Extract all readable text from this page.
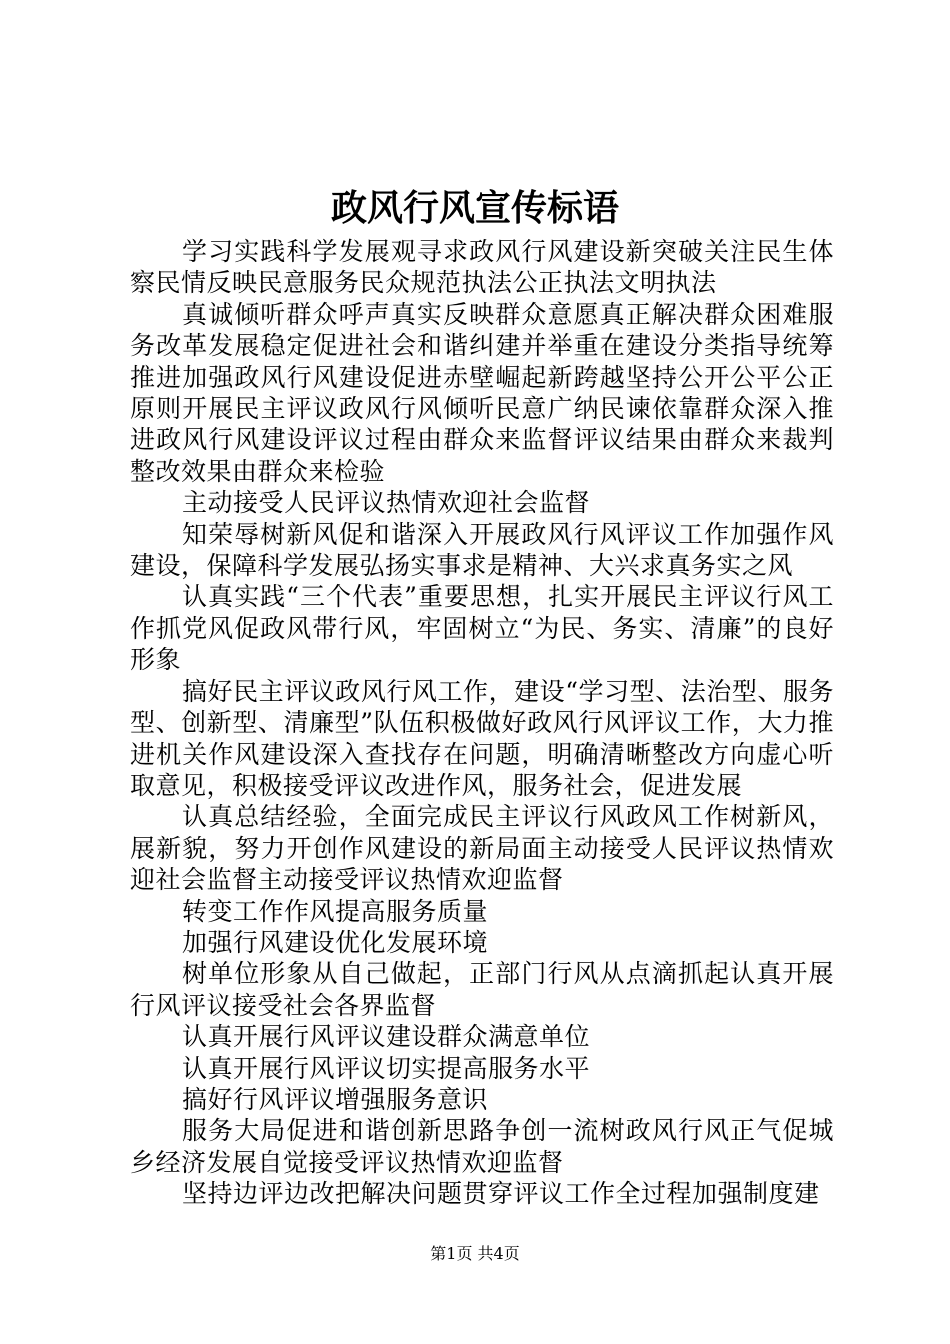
政风行风宣传标语

学习实践科学发展观寻求政风行风建设新突破关注民生体察民情反映民意服务民众规范执法公正执法文明执法

真诚倾听群众呼声真实反映群众意愿真正解决群众困难服务改革发展稳定促进社会和谐纠建并举重在建设分类指导统筹推进加强政风行风建设促进赤壁崛起新跨越坚持公开公平公正原则开展民主评议政风行风倾听民意广纳民谏依靠群众深入推进政风行风建设评议过程由群众来监督评议结果由群众来裁判整改效果由群众来检验

主动接受人民评议热情欢迎社会监督

知荣辱树新风促和谐深入开展政风行风评议工作加强作风建设，保障科学发展弘扬实事求是精神、大兴求真务实之风

认真实践“三个代表”重要思想，扎实开展民主评议行风工作抓党风促政风带行风，牢固树立“为民、务实、清廉”的良好形象

搞好民主评议政风行风工作，建设“学习型、法治型、服务型、创新型、清廉型”队伍积极做好政风行风评议工作，大力推进机关作风建设深入查找存在问题，明确清晰整改方向虚心听取意见，积极接受评议改进作风，服务社会，促进发展

认真总结经验，全面完成民主评议行风政风工作树新风，展新貌，努力开创作风建设的新局面主动接受人民评议热情欢迎社会监督主动接受评议热情欢迎监督

转变工作作风提高服务质量

加强行风建设优化发展环境

树单位形象从自己做起，正部门行风从点滴抓起认真开展行风评议接受社会各界监督

认真开展行风评议建设群众满意单位

认真开展行风评议切实提高服务水平

搞好行风评议增强服务意识

服务大局促进和谐创新思路争创一流树政风行风正气促城乡经济发展自觉接受评议热情欢迎监督

坚持边评边改把解决问题贯穿评议工作全过程加强制度建

第1页 共4页
